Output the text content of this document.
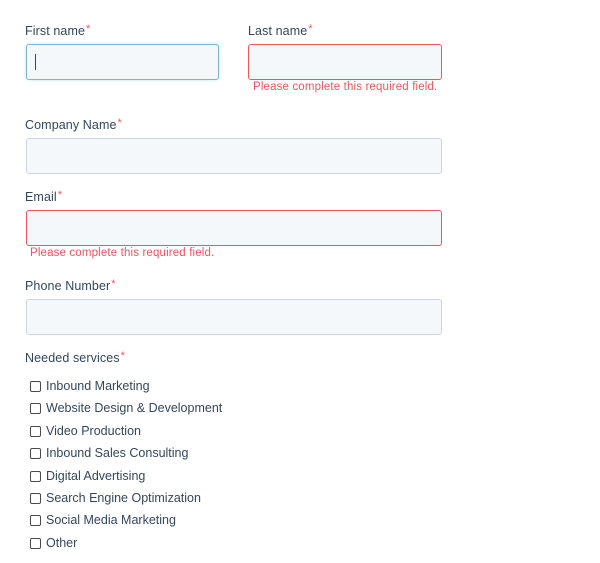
First name*	Last name*
Please complete this required field.
Company Name*
Email*
Please complete this required field.
Phone Number*
Needed services*
Inbound Marketing
Website Design & Development
Video Production
Inbound Sales Consulting
Digital Advertising
Search Engine Optimization
Social Media Marketing
Other
